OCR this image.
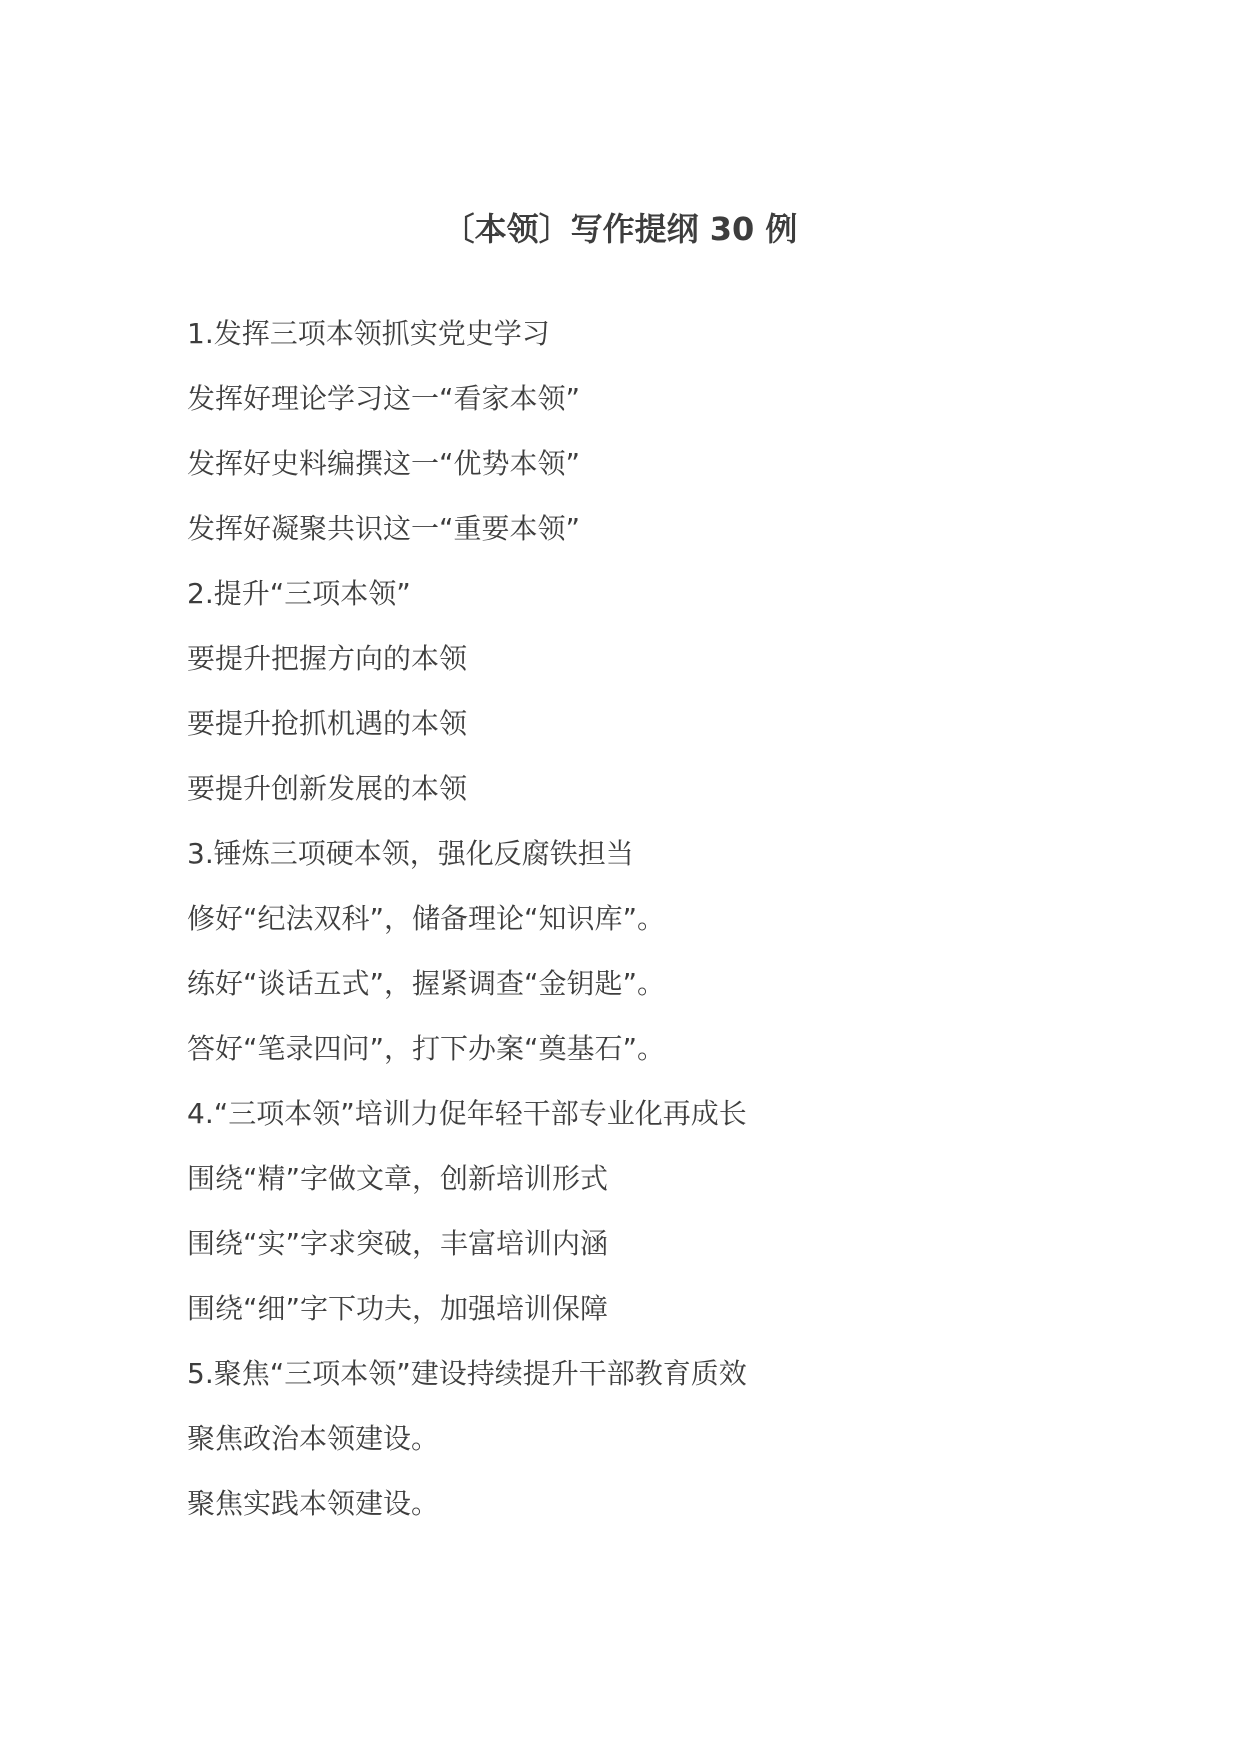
〔本领〕写作提纲 30 例

1.发挥三项本领抓实党史学习

发挥好理论学习这一“看家本领”

发挥好史料编撰这一“优势本领”

发挥好凝聚共识这一“重要本领”

2.提升“三项本领”

要提升把握方向的本领

要提升抢抓机遇的本领

要提升创新发展的本领

3.锤炼三项硬本领，强化反腐铁担当

修好“纪法双科”，储备理论“知识库”。

练好“谈话五式”，握紧调查“金钥匙”。

答好“笔录四问”，打下办案“奠基石”。

4.“三项本领”培训力促年轻干部专业化再成长

围绕“精”字做文章，创新培训形式

围绕“实”字求突破，丰富培训内涵

围绕“细”字下功夫，加强培训保障

5.聚焦“三项本领”建设持续提升干部教育质效

聚焦政治本领建设。

聚焦实践本领建设。
